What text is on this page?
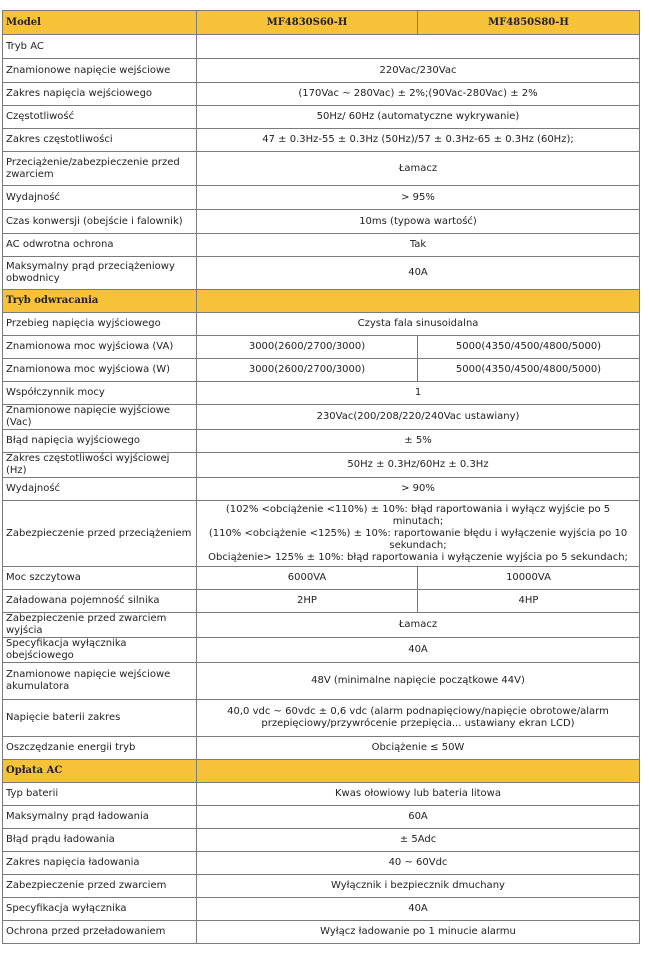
Model	MF4830S60-H	MF4850S80-H
Tryb AC		
Znamionowe napięcie wejściowe	220Vac/230Vac	
Zakres napięcia wejściowego	(170Vac ~ 280Vac) ± 2%;(90Vac-280Vac) ± 2%	
Częstotliwość	50Hz/ 60Hz (automatyczne wykrywanie)	
Zakres częstotliwości	47 ± 0.3Hz-55 ± 0.3Hz (50Hz)/57 ± 0.3Hz-65 ± 0.3Hz (60Hz);	
Przeciążenie/zabezpieczenie przed zwarciem	Łamacz	
Wydajność	> 95%	
Czas konwersji (obejście i falownik)	10ms (typowa wartość)	
AC odwrotna ochrona	Tak	
Maksymalny prąd przeciążeniowy obwodnicy	40A	
Tryb odwracania		
Przebieg napięcia wyjściowego	Czysta fala sinusoidalna	
Znamionowa moc wyjściowa (VA)	3000(2600/2700/3000)	5000(4350/4500/4800/5000)
Znamionowa moc wyjściowa (W)	3000(2600/2700/3000)	5000(4350/4500/4800/5000)
Współczynnik mocy	1	
Znamionowe napięcie wyjściowe (Vac)	230Vac(200/208/220/240Vac ustawiany)	
Błąd napięcia wyjściowego	± 5%	
Zakres częstotliwości wyjściowej (Hz)	50Hz ± 0.3Hz/60Hz ± 0.3Hz	
Wydajność	> 90%	
Zabezpieczenie przed przeciążeniem	(102% <obciążenie <110%) ± 10%: błąd raportowania i wyłącz wyjście po 5 minutach;
(110% <obciążenie <125%) ± 10%: raportowanie błędu i wyłączenie wyjścia po 10 sekundach;
Obciążenie> 125% ± 10%: błąd raportowania i wyłączenie wyjścia po 5 sekundach;	

Moc szczytowa	6000VA	10000VA
Załadowana pojemność silnika	2HP	4HP
Zabezpieczenie przed zwarciem wyjścia	Łamacz	
Specyfikacja wyłącznika obejściowego	40A	
Znamionowe napięcie wejściowe akumulatora	48V (minimalne napięcie początkowe 44V)	
Napięcie baterii zakres	40,0 vdc ~ 60vdc ± 0,6 vdc (alarm podnapięciowy/napięcie obrotowe/alarm
przepięciowy/przywrócenie przepięcia... ustawiany ekran LCD)	

Oszczędzanie energii tryb	Obciążenie ≤ 50W	
Opłata AC		
Typ baterii	Kwas ołowiowy lub bateria litowa	
Maksymalny prąd ładowania	60A	
Błąd prądu ładowania	± 5Adc	
Zakres napięcia ładowania	40 ~ 60Vdc	
Zabezpieczenie przed zwarciem	Wyłącznik i bezpiecznik dmuchany	
Specyfikacja wyłącznika	40A	
Ochrona przed przeładowaniem	Wyłącz ładowanie po 1 minucie alarmu	
